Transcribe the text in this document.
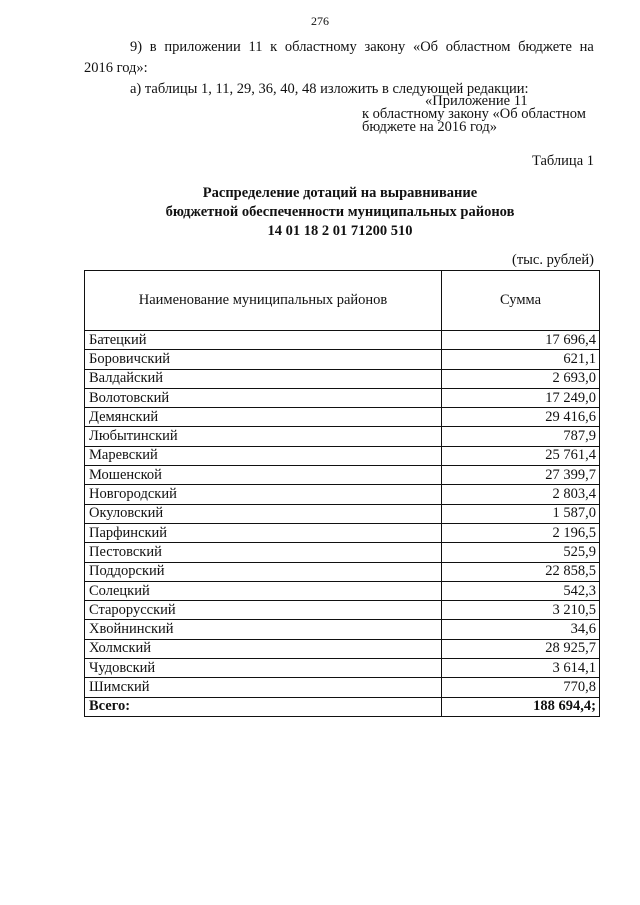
276
9) в приложении 11 к областному закону «Об областном бюджете на
2016 год»:
а) таблицы 1, 11, 29, 36, 40, 48 изложить в следующей редакции:
«Приложение 11
к областному закону «Об областном
бюджете на 2016 год»
Таблица 1
Распределение дотаций на выравнивание
бюджетной обеспеченности муниципальных районов
14 01 18 2 01 71200 510
(тыс. рублей)
Наименование муниципальных районов	Сумма
Батецкий	17 696,4
Боровичский	621,1
Валдайский	2 693,0
Волотовский	17 249,0
Демянский	29 416,6
Любытинский	787,9
Маревский	25 761,4
Мошенской	27 399,7
Новгородский	2 803,4
Окуловский	1 587,0
Парфинский	2 196,5
Пестовский	525,9
Поддорский	22 858,5
Солецкий	542,3
Старорусский	3 210,5
Хвойнинский	34,6
Холмский	28 925,7
Чудовский	3 614,1
Шимский	770,8
Всего:	188 694,4;
